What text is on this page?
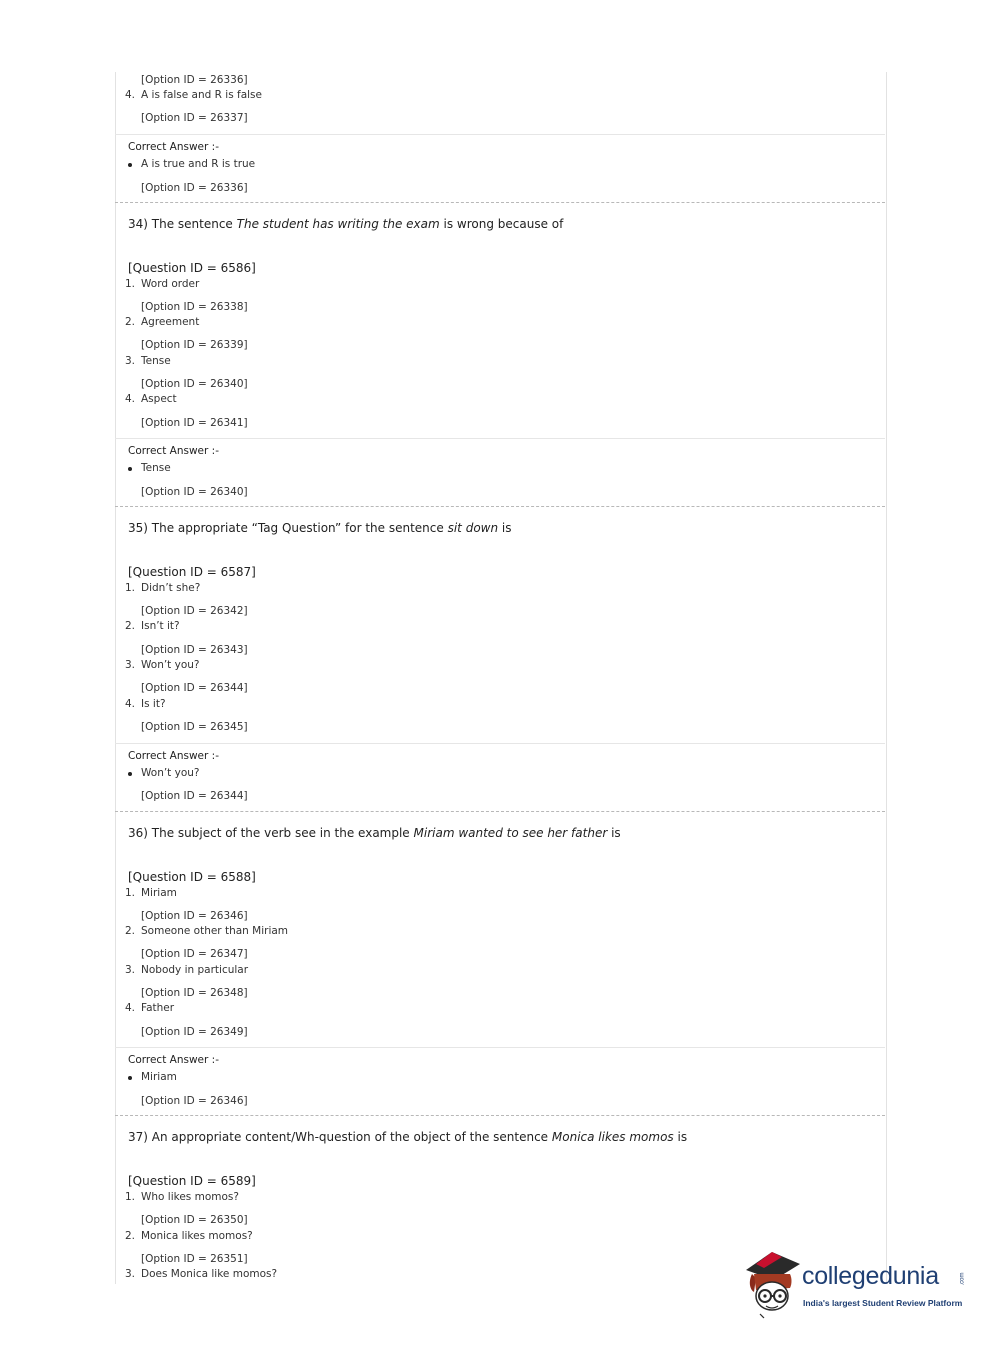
[Option ID = 26336]
4. A is false and R is false
[Option ID = 26337]
Correct Answer :-
A is true and R is true
[Option ID = 26336]
34) The sentence The student has writing the exam is wrong because of
[Question ID = 6586]
1. Word order
[Option ID = 26338]
2. Agreement
[Option ID = 26339]
3. Tense
[Option ID = 26340]
4. Aspect
[Option ID = 26341]
Correct Answer :-
Tense
[Option ID = 26340]
35) The appropriate “Tag Question” for the sentence sit down is
[Question ID = 6587]
1. Didn’t she?
[Option ID = 26342]
2. Isn’t it?
[Option ID = 26343]
3. Won’t you?
[Option ID = 26344]
4. Is it?
[Option ID = 26345]
Correct Answer :-
Won’t you?
[Option ID = 26344]
36) The subject of the verb see in the example Miriam wanted to see her father is
[Question ID = 6588]
1. Miriam
[Option ID = 26346]
2. Someone other than Miriam
[Option ID = 26347]
3. Nobody in particular
[Option ID = 26348]
4. Father
[Option ID = 26349]
Correct Answer :-
Miriam
[Option ID = 26346]
37) An appropriate content/Wh-question of the object of the sentence Monica likes momos is
[Question ID = 6589]
1. Who likes momos?
[Option ID = 26350]
2. Monica likes momos?
[Option ID = 26351]
3. Does Monica like momos?	collegedunia
India's largest Student Review Platform
.com
